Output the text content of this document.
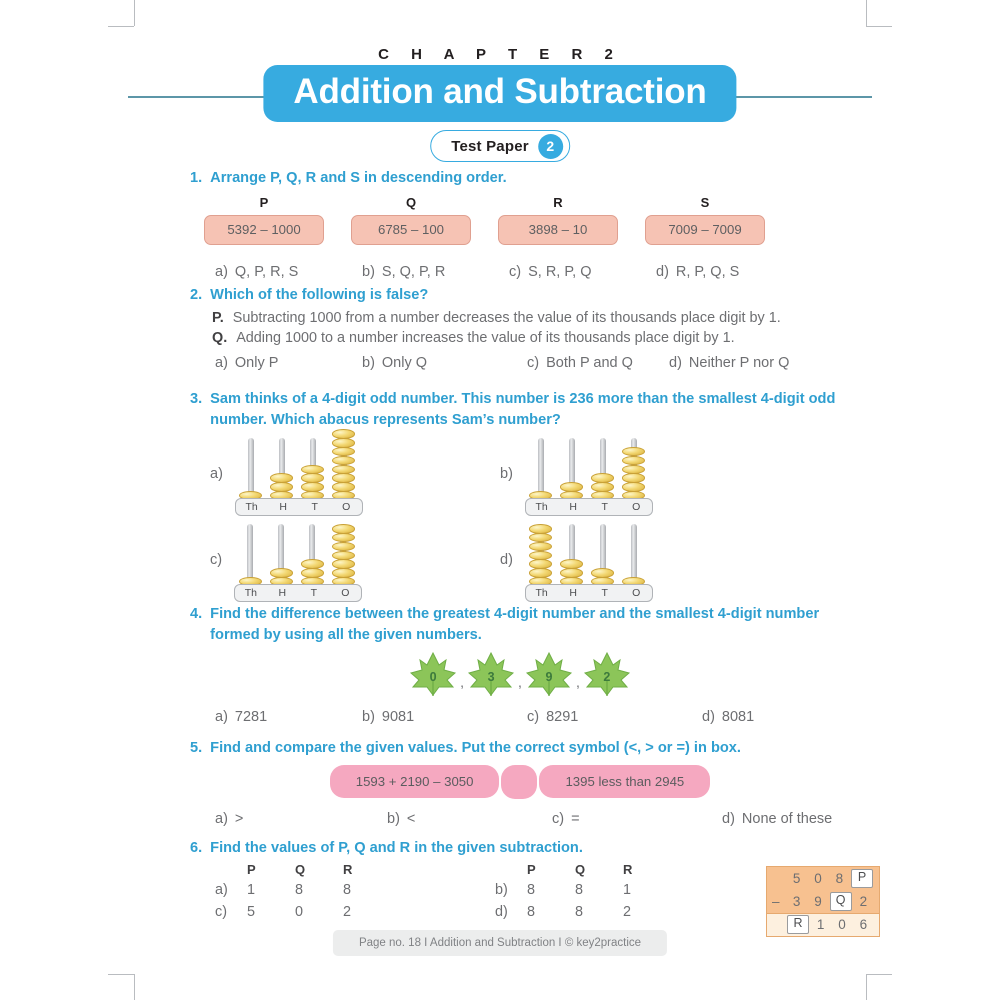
C H A P T E R 2
Addition and Subtraction
Test Paper	2
1. Arrange P, Q, R and S in descending order.
P
5392 – 1000
Q
6785 – 100
R
3898 – 10
S
7009 – 7009
a) Q, P, R, S	b) S, Q, P, R	c) S, R, P, Q	d) R, P, Q, S
2. Which of the following is false?
P. Subtracting 1000 from a number decreases the value of its thousands place digit by 1.
Q. Adding 1000 to a number increases the value of its thousands place digit by 1.
a) Only P	b) Only Q	c) Both P and Q d) Neither P nor Q
3. Sam thinks of a 4-digit odd number. This number is 236 more than the smallest 4-digit odd number. Which abacus represents Sam’s number?
a)
Th	H	T	O
b)
Th	H	T	O
c)
Th	H	T	O
d)
Th	H	T	O
4. Find the difference between the greatest 4-digit number and the smallest 4-digit number formed by using all the given numbers.
0	,	3	,	9	,	2
a) 7281	b) 9081	c) 8291	d) 8081
5. Find and compare the given values. Put the correct symbol (<, > or =) in box.
1593 + 2190 – 3050	1395 less than 2945
a) >	b) <	c) =	d) None of these
6. Find the values of P, Q and R in the given subtraction.
P	Q	R
a)	1	8	8
c)	5	0	2
P	Q	R
b)	8	8	1
d)	8	8	2
5	0	8	P
– 3	9	Q	2
R	1	0	6
Page no. 18 I Addition and Subtraction I © key2practice
